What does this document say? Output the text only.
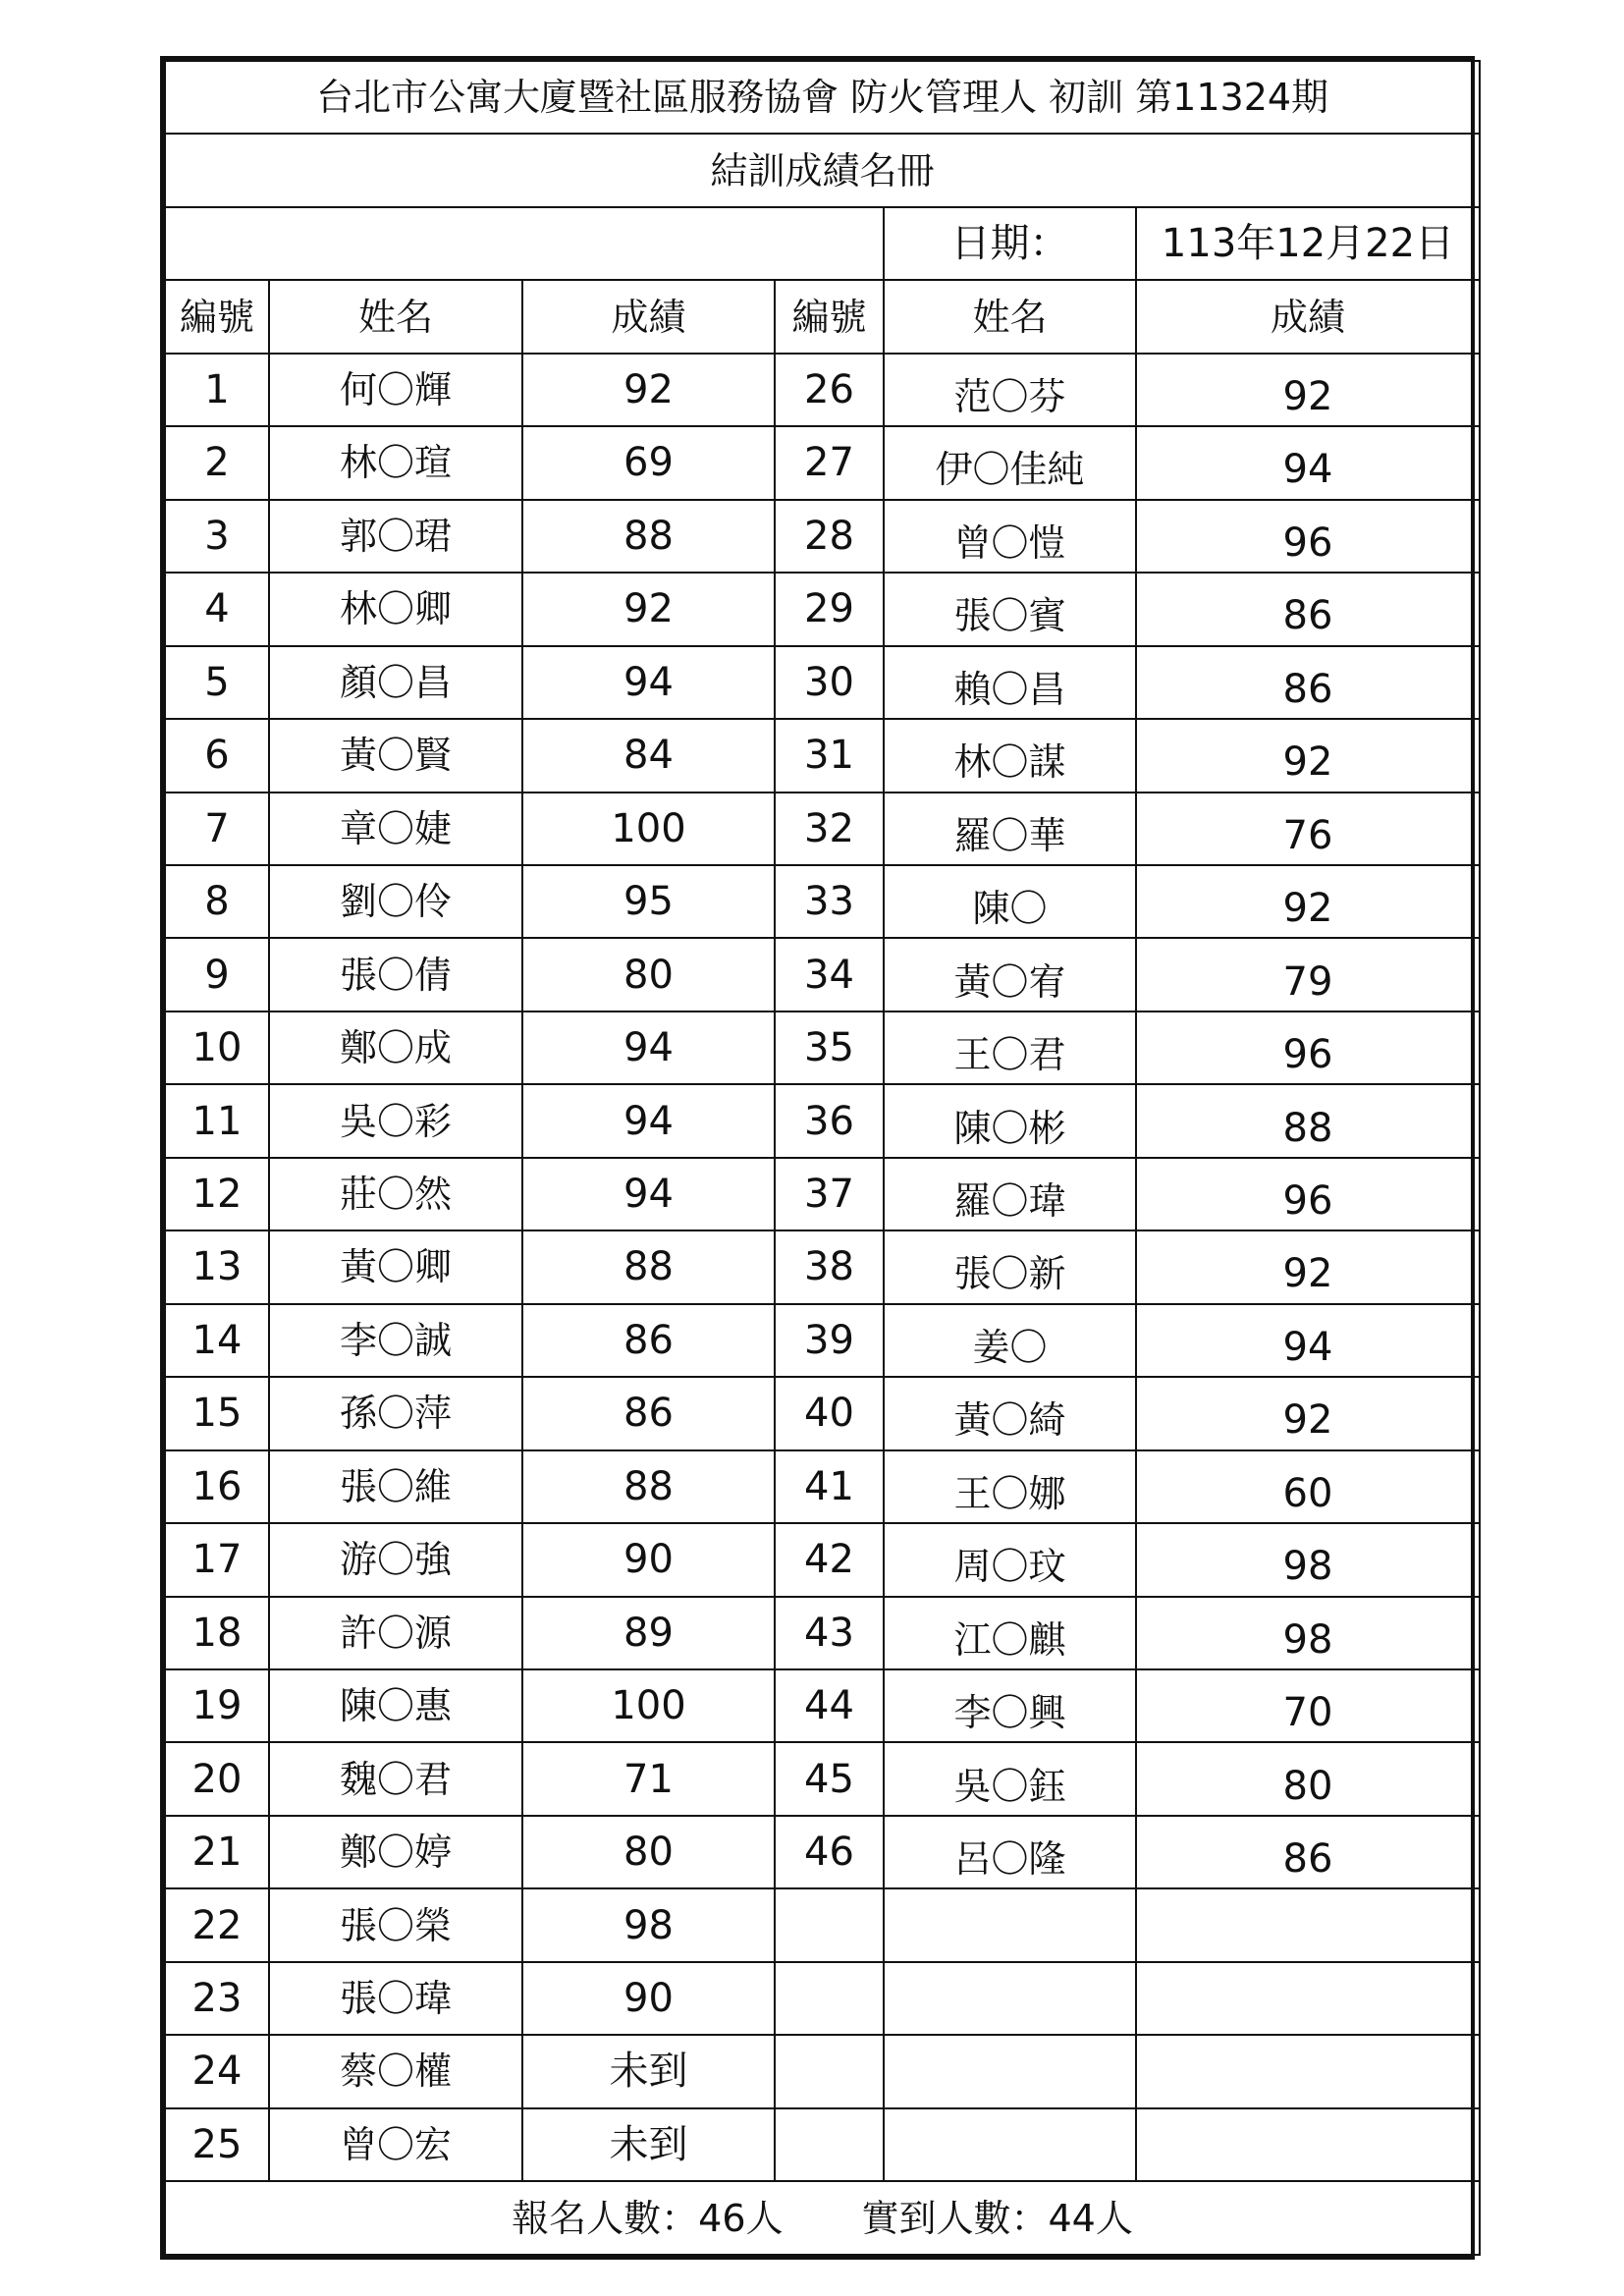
台北市公寓大廈暨社區服務協會 防火管理人 初訓 第11324期					
結訓成績名冊					
				日期：	113年12月22日
編號	姓名	成績	編號	姓名	成績
1	何〇輝	92	26	范〇芬	92
2	林〇瑄	69	27	伊〇佳純	94
3	郭〇珺	88	28	曾〇愷	96
4	林〇卿	92	29	張〇賓	86
5	顏〇昌	94	30	賴〇昌	86
6	黃〇賢	84	31	林〇謀	92
7	章〇婕	100	32	羅〇華	76
8	劉〇伶	95	33	陳〇	92
9	張〇倩	80	34	黃〇宥	79
10	鄭〇成	94	35	王〇君	96
11	吳〇彩	94	36	陳〇彬	88
12	莊〇然	94	37	羅〇瑋	96
13	黃〇卿	88	38	張〇新	92
14	李〇誠	86	39	姜〇	94
15	孫〇萍	86	40	黃〇綺	92
16	張〇維	88	41	王〇娜	60
17	游〇強	90	42	周〇玟	98
18	許〇源	89	43	江〇麒	98
19	陳〇惠	100	44	李〇興	70
20	魏〇君	71	45	吳〇鈺	80
21	鄭〇婷	80	46	呂〇隆	86
22	張〇榮	98			
23	張〇瑋	90			
24	蔡〇權	未到			
25	曾〇宏	未到			
報名人數：46人 實到人數：44人					
